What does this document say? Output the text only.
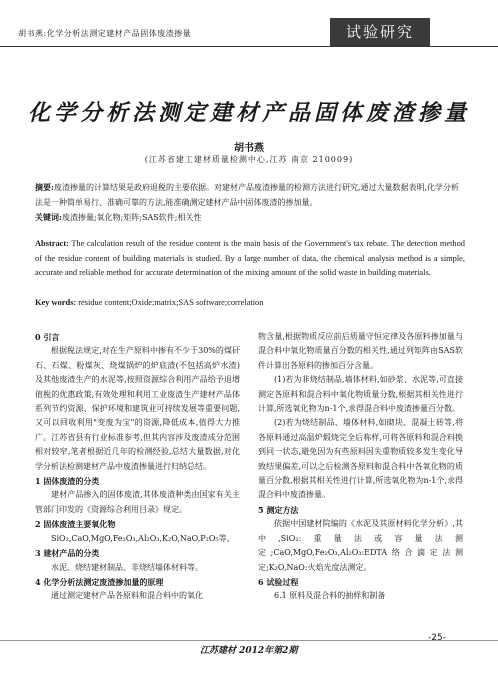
胡书燕:化学分析法测定建材产品固体废渣掺量	试验研究
化学分析法测定建材产品固体废渣掺量
胡书燕
(江苏省建工建材质量检测中心,江苏 南京 210009)
摘要:废渣掺量的计算结果是政府退税的主要依据。对建材产品废渣掺量的检测方法进行研究,通过大量数据表明,化学分析法是一种简单易行、准确可靠的方法,能准确测定建材产品中固体废渣的掺加量。
关键词:废渣掺量;氧化物;矩阵;SAS软件;相关性
Abstract: The calculation result of the residue content is the main basis of the Government's tax rebate. The detection method of the residue content of building materials is studied. By a large number of data, the chemical analysis method is a simple, accurate and reliable method for accurate determination of the mixing amount of the solid waste in building materials.
Key words: residue content;Oxide;matrix;SAS software;correlation
0 引言

根据税法规定,对在生产原料中掺有不少于30%的煤矸石、石煤、粉煤灰、烧煤锅炉的炉底渣(不包括高炉水渣)及其他废渣生产的水泥等,按照资源综合利用产品给予退增值税的优惠政策,有效处理和利用工业废渣生产建材产品体系列节约资源、保护环境和建筑业可持续发展等重要问题,又可以回收利用"变废为宝"的资源,降低成本,值得大力推广。江苏省县有行业标准参考,但其内容涉及废渣成分范围相对较窄,笔者根据近几年的检测经验,总结大量数据,对化学分析法检测建材产品中废渣掺量进行归纳总结。

1 固体废渣的分类

建材产品掺入的固体废渣,其体废渣种类由国家有关主管部门印发的《资源综合利用目录》规定。

2 固体废渣主要氧化物

SiO₂,CaO,MgO,Fe₂O₃,Al₂O₃,K₂O,NaO,P₂O₅等。

3 建材产品的分类

水泥、烧结建材制品、非烧结墙体材料等。

4 化学分析法测定废渣掺加量的原理

通过测定建材产品各原料和混合料中的氧化

物含量,根据物质反应前后质量守恒定律及各原料掺加量与混合料中氧化物质量百分数的相关性,通过列矩阵由SAS软件计算出各原料的掺加百分含量。

(1)若为非烧结制品,墙体材料,如砂浆、水泥等,可直接测定各原料和混合料中氧化物质量分数,根据其相关性进行计算,所选氧化物为n-1个,求得混合料中废渣掺量百分数。

(2)若为烧结制品、墙体材料,如砌块、混凝土砖等,将各原料通过高温炉煅烧完全后称样,可将各原料和混合料换到同一状态,避免因为有些原料因失重物质较多发生变化导致结果偏差,可以之后检测各原料和混合料中各氧化物的质量百分数,根据其相关性进行计算,所选氧化物为n-1个,求得混合料中废渣掺量。

5 测定方法

依据中国建材院编的《水泥及其原材料化学分析》,其中,SiO₂:重量法或容量法测定;CaO,MgO,Fe₂O₃,Al₂O₃:EDTA络合滴定法测定;K₂O,NaO:火焰光度法测定。

6 试验过程

6.1 原料及混合料的抽样和制备

-25-
江苏建材 2012年第2期
